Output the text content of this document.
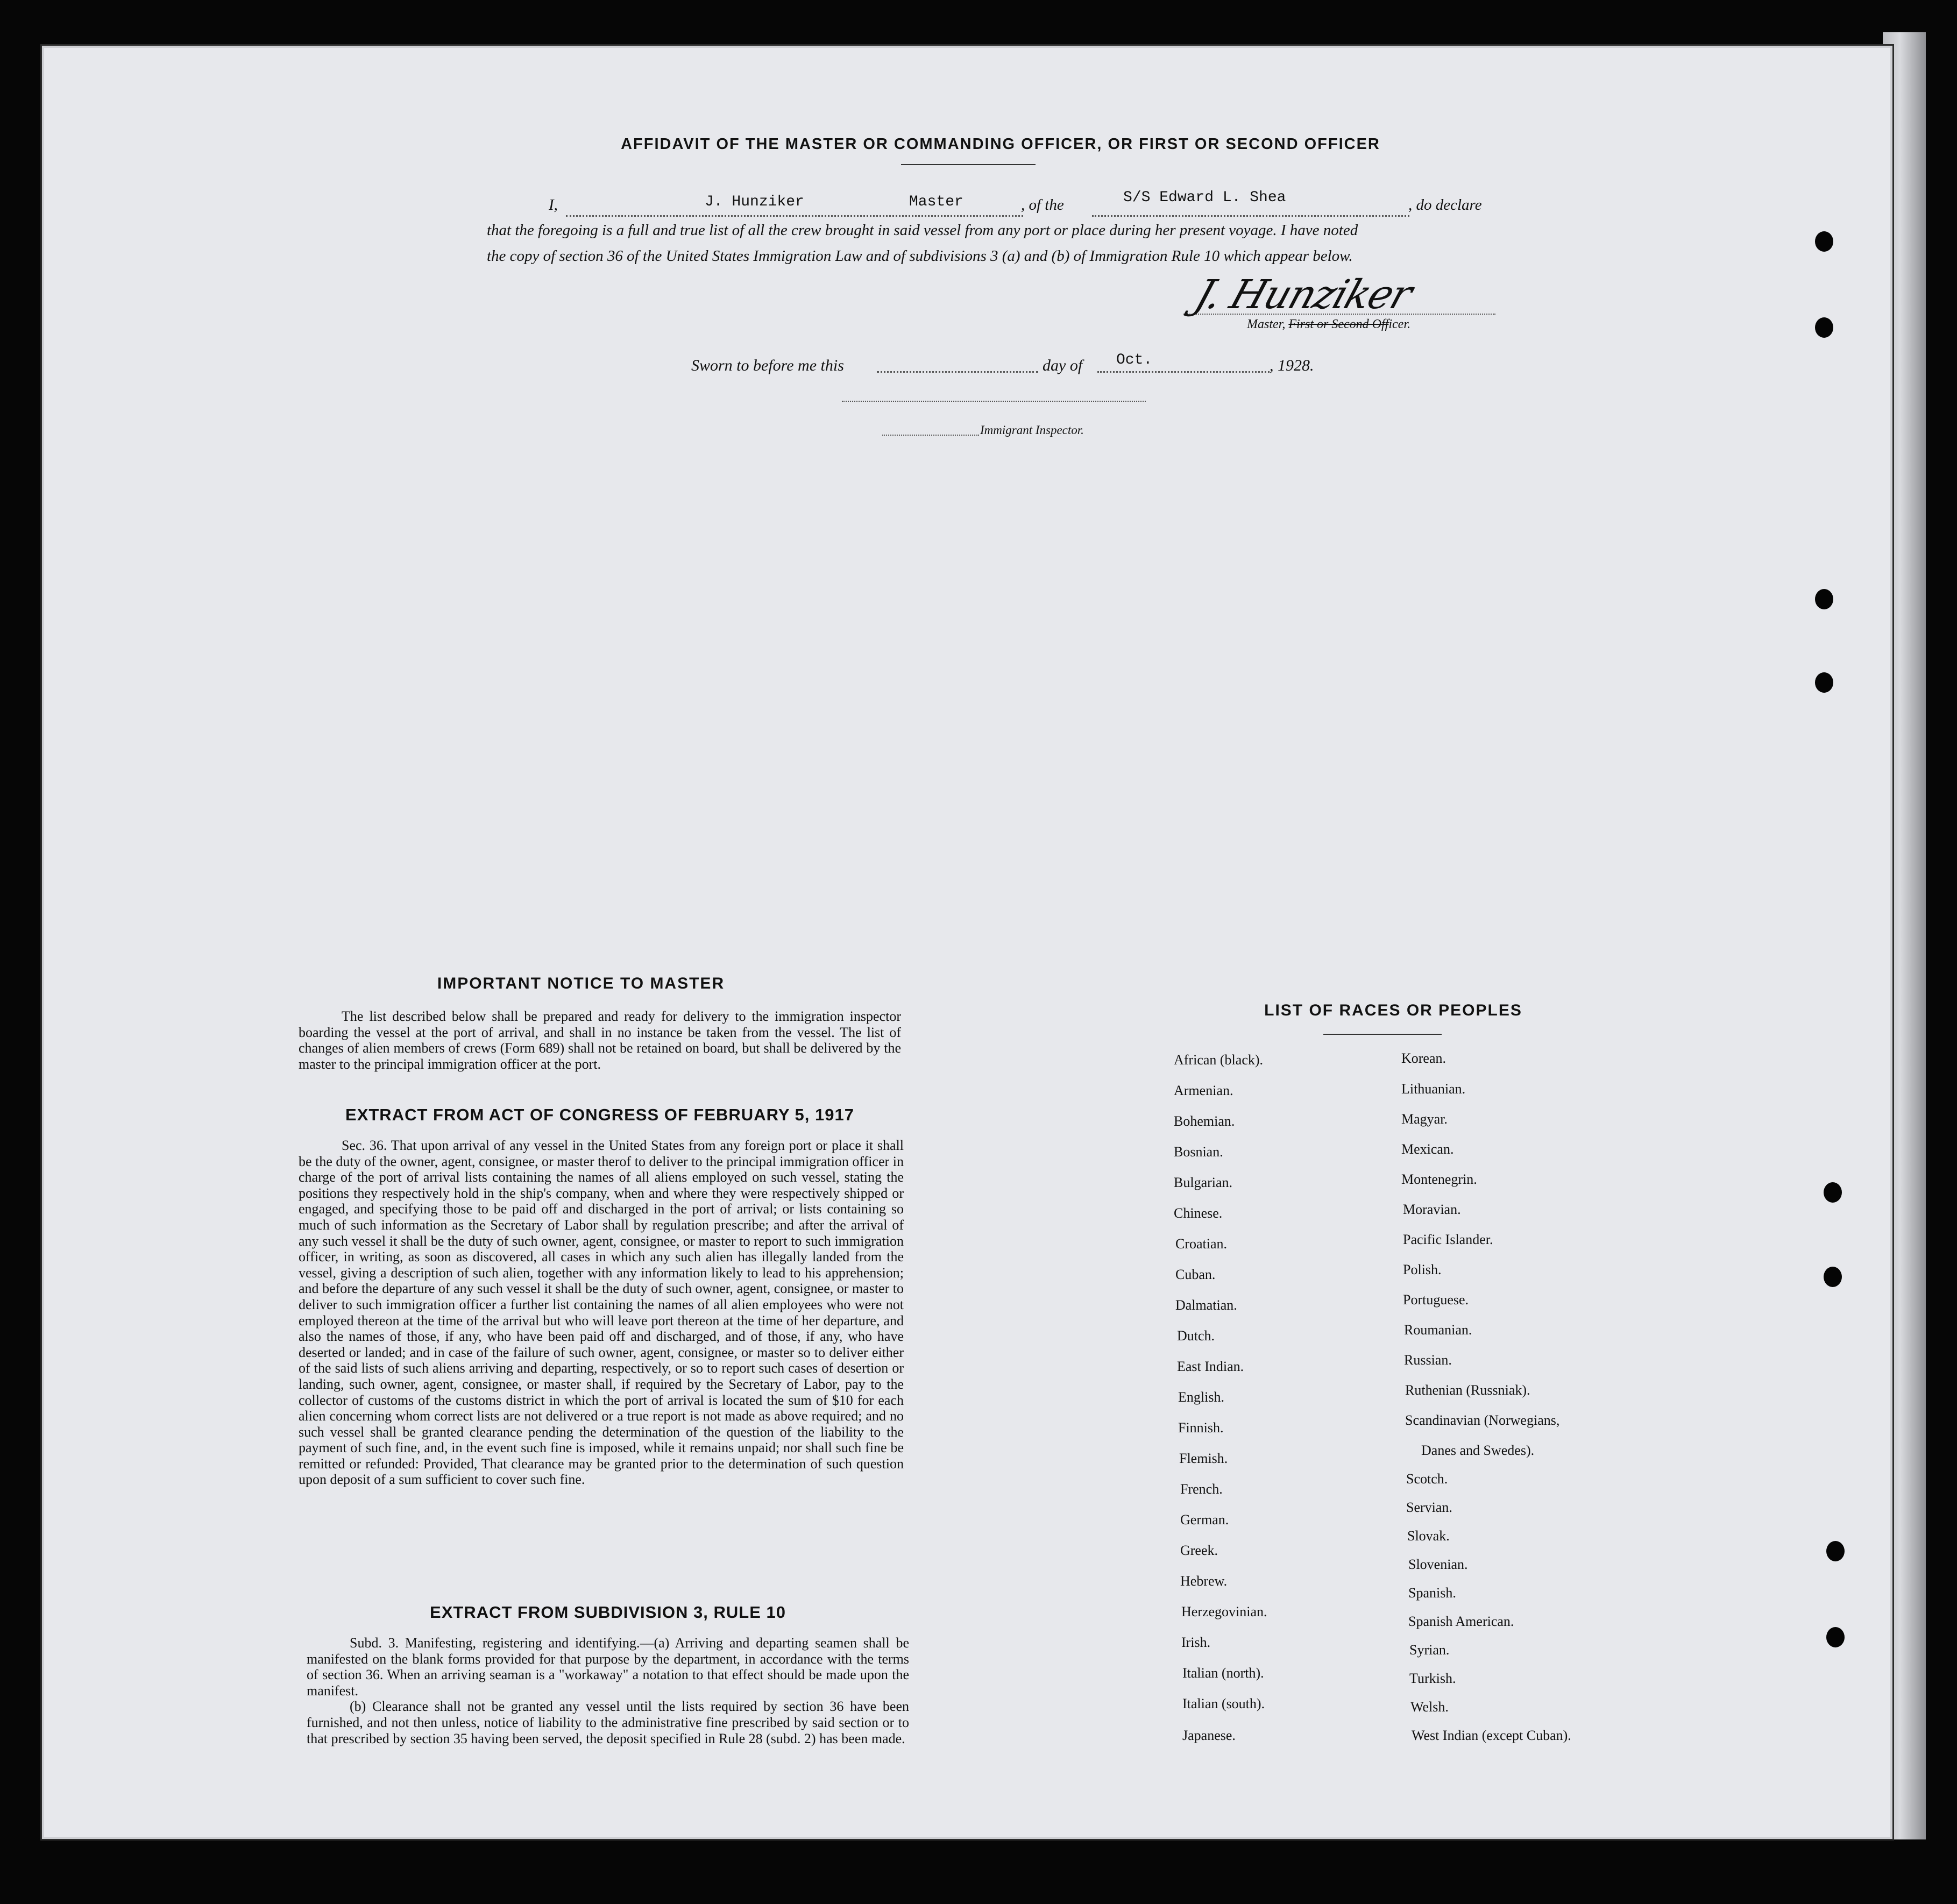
AFFIDAVIT OF THE MASTER OR COMMANDING OFFICER, OR FIRST OR SECOND OFFICER
I,	J. Hunziker	Master	, of the	S/S Edward L. Shea	, do declare
that the foregoing is a full and true list of all the crew brought in said vessel from any port or place during her present voyage. I have noted
the copy of section 36 of the United States Immigration Law and of subdivisions 3 (a) and (b) of Immigration Rule 10 which appear below.
J. Hunziker
Master, First or Second Officer.
Sworn to before me this	day of Oct.	, 1928.
Immigrant Inspector.
IMPORTANT NOTICE TO MASTER

The list described below shall be prepared and ready for delivery to the immigration inspector boarding the vessel at the port of arrival, and shall in no instance be taken from the vessel. The list of changes of alien members of crews (Form 689) shall not be retained on board, but shall be delivered by the master to the principal immigration officer at the port.

EXTRACT FROM ACT OF CONGRESS OF FEBRUARY 5, 1917

Sec. 36. That upon arrival of any vessel in the United States from any foreign port or place it shall be the duty of the owner, agent, consignee, or master therof to deliver to the principal immigration officer in charge of the port of arrival lists containing the names of all aliens employed on such vessel, stating the positions they respectively hold in the ship's company, when and where they were respectively shipped or engaged, and specifying those to be paid off and discharged in the port of arrival; or lists containing so much of such information as the Secretary of Labor shall by regulation prescribe; and after the arrival of any such vessel it shall be the duty of such owner, agent, consignee, or master to report to such immigration officer, in writing, as soon as discovered, all cases in which any such alien has illegally landed from the vessel, giving a description of such alien, together with any information likely to lead to his apprehension; and before the departure of any such vessel it shall be the duty of such owner, agent, consignee, or master to deliver to such immigration officer a further list containing the names of all alien employees who were not employed thereon at the time of the arrival but who will leave port thereon at the time of her departure, and also the names of those, if any, who have been paid off and discharged, and of those, if any, who have deserted or landed; and in case of the failure of such owner, agent, consignee, or master so to deliver either of the said lists of such aliens arriving and departing, respectively, or so to report such cases of desertion or landing, such owner, agent, consignee, or master shall, if required by the Secretary of Labor, pay to the collector of customs of the customs district in which the port of arrival is located the sum of $10 for each alien concerning whom correct lists are not delivered or a true report is not made as above required; and no such vessel shall be granted clearance pending the determination of the question of the liability to the payment of such fine, and, in the event such fine is imposed, while it remains unpaid; nor shall such fine be remitted or refunded: Provided, That clearance may be granted prior to the determination of such question upon deposit of a sum sufficient to cover such fine.

EXTRACT FROM SUBDIVISION 3, RULE 10

Subd. 3. Manifesting, registering and identifying.—(a) Arriving and departing seamen shall be manifested on the blank forms provided for that purpose by the department, in accordance with the terms of section 36. When an arriving seaman is a "workaway" a notation to that effect should be made upon the manifest.

(b) Clearance shall not be granted any vessel until the lists required by section 36 have been furnished, and not then unless, notice of liability to the administrative fine prescribed by said section or to that prescribed by section 35 having been served, the deposit specified in Rule 28 (subd. 2) has been made.

LIST OF RACES OR PEOPLES
African (black).
Armenian.
Bohemian.
Bosnian.
Bulgarian.
Chinese.
Croatian.
Cuban.
Dalmatian.
Dutch.
East Indian.
English.
Finnish.
Flemish.
French.
German.
Greek.
Hebrew.
Herzegovinian.
Irish.
Italian (north).
Italian (south).
Japanese.
Korean.
Lithuanian.
Magyar.
Mexican.
Montenegrin.
Moravian.
Pacific Islander.
Polish.
Portuguese.
Roumanian.
Russian.
Ruthenian (Russniak).
Scandinavian (Norwegians,
Danes and Swedes).
Scotch.
Servian.
Slovak.
Slovenian.
Spanish.
Spanish American.
Syrian.
Turkish.
Welsh.
West Indian (except Cuban).
